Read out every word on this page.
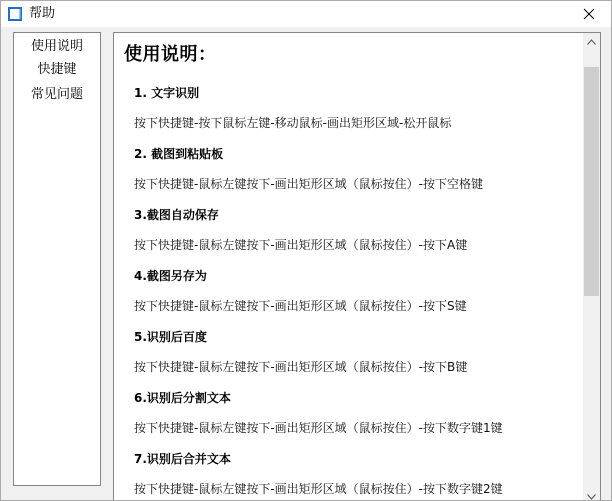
帮助
使用说明
快捷键
常见问题
使用说明：

1. 文字识别

按下快捷键-按下鼠标左键-移动鼠标-画出矩形区域-松开鼠标

2. 截图到粘贴板

按下快捷键-鼠标左键按下-画出矩形区域（鼠标按住）-按下空格键

3.截图自动保存

按下快捷键-鼠标左键按下-画出矩形区域（鼠标按住）-按下A键

4.截图另存为

按下快捷键-鼠标左键按下-画出矩形区域（鼠标按住）-按下S键

5.识别后百度

按下快捷键-鼠标左键按下-画出矩形区域（鼠标按住）-按下B键

6.识别后分割文本

按下快捷键-鼠标左键按下-画出矩形区域（鼠标按住）-按下数字键1键

7.识别后合并文本

按下快捷键-鼠标左键按下-画出矩形区域（鼠标按住）-按下数字键2键
